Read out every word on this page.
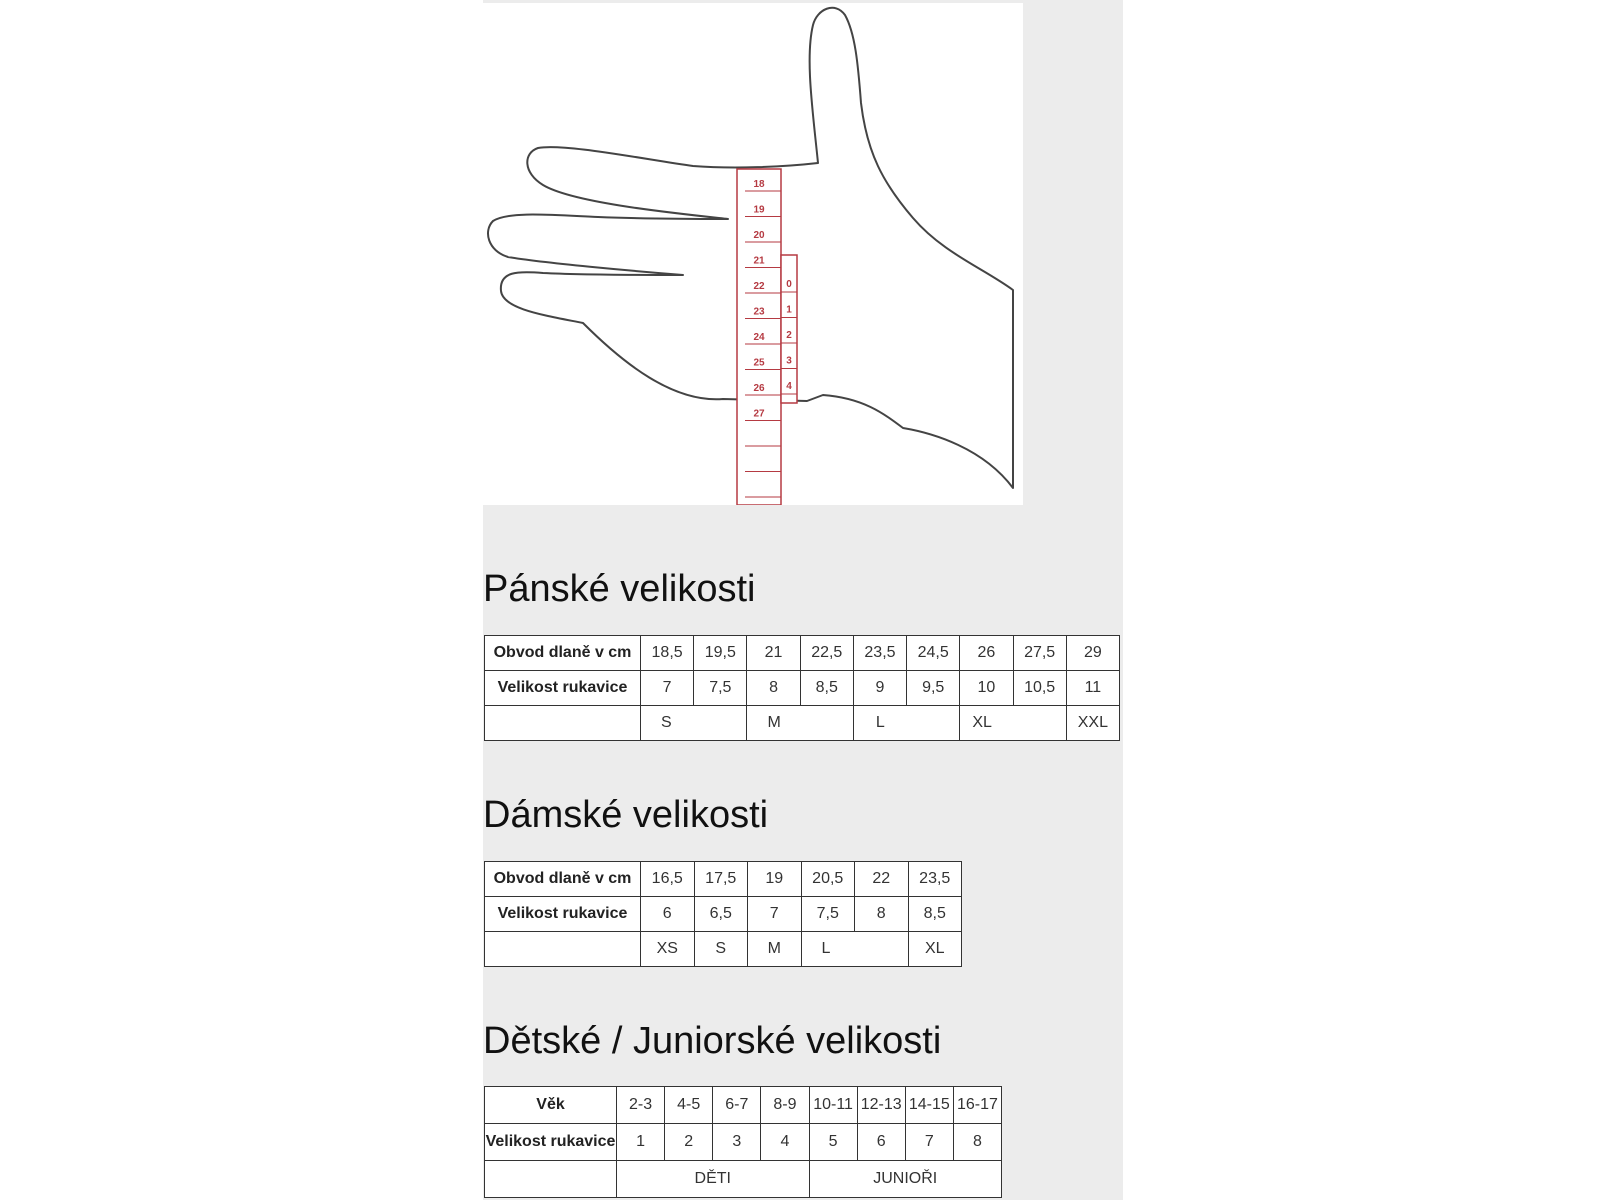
18
19
20
21
22
23
24
25
26
27
0
1
2
3
4
Pánské velikosti
Obvod dlaně v cm	18,5	19,5	21	22,5	23,5	24,5	26	27,5	29
Velikost rukavice	7	7,5	8	8,5	9	9,5	10	10,5	11
	S		M		L		XL		XXL
Dámské velikosti
Obvod dlaně v cm	16,5	17,5	19	20,5	22	23,5
Velikost rukavice	6	6,5	7	7,5	8	8,5
	XS	S	M	L		XL
Dětské / Juniorské velikosti
Věk	2-3	4-5	6-7	8-9	10-11	12-13	14-15	16-17
Velikost rukavice	1	2	3	4	5	6	7	8
	DĚTI				JUNIOŘI			
